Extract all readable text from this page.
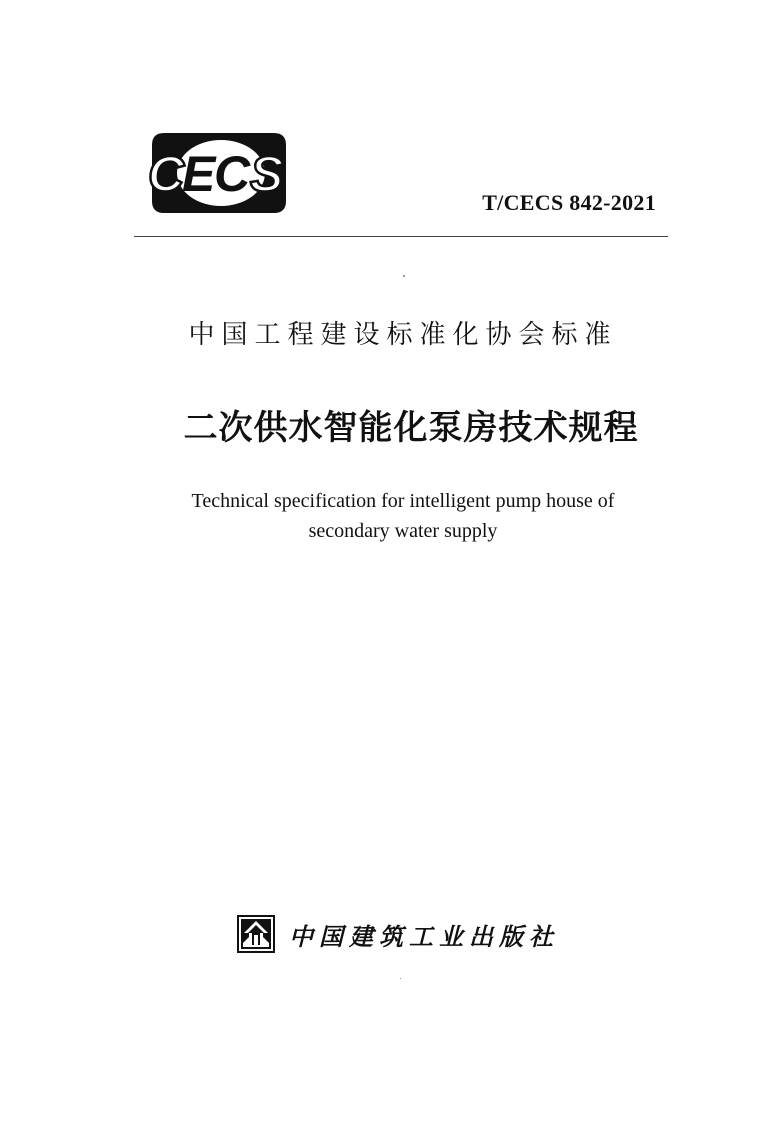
C
E
C S
T/CECS 842-2021
中国工程建设标准化协会标准
二次供水智能化泵房技术规程
Technical specification for intelligent pump house of
secondary water supply
中国建筑工业出版社
